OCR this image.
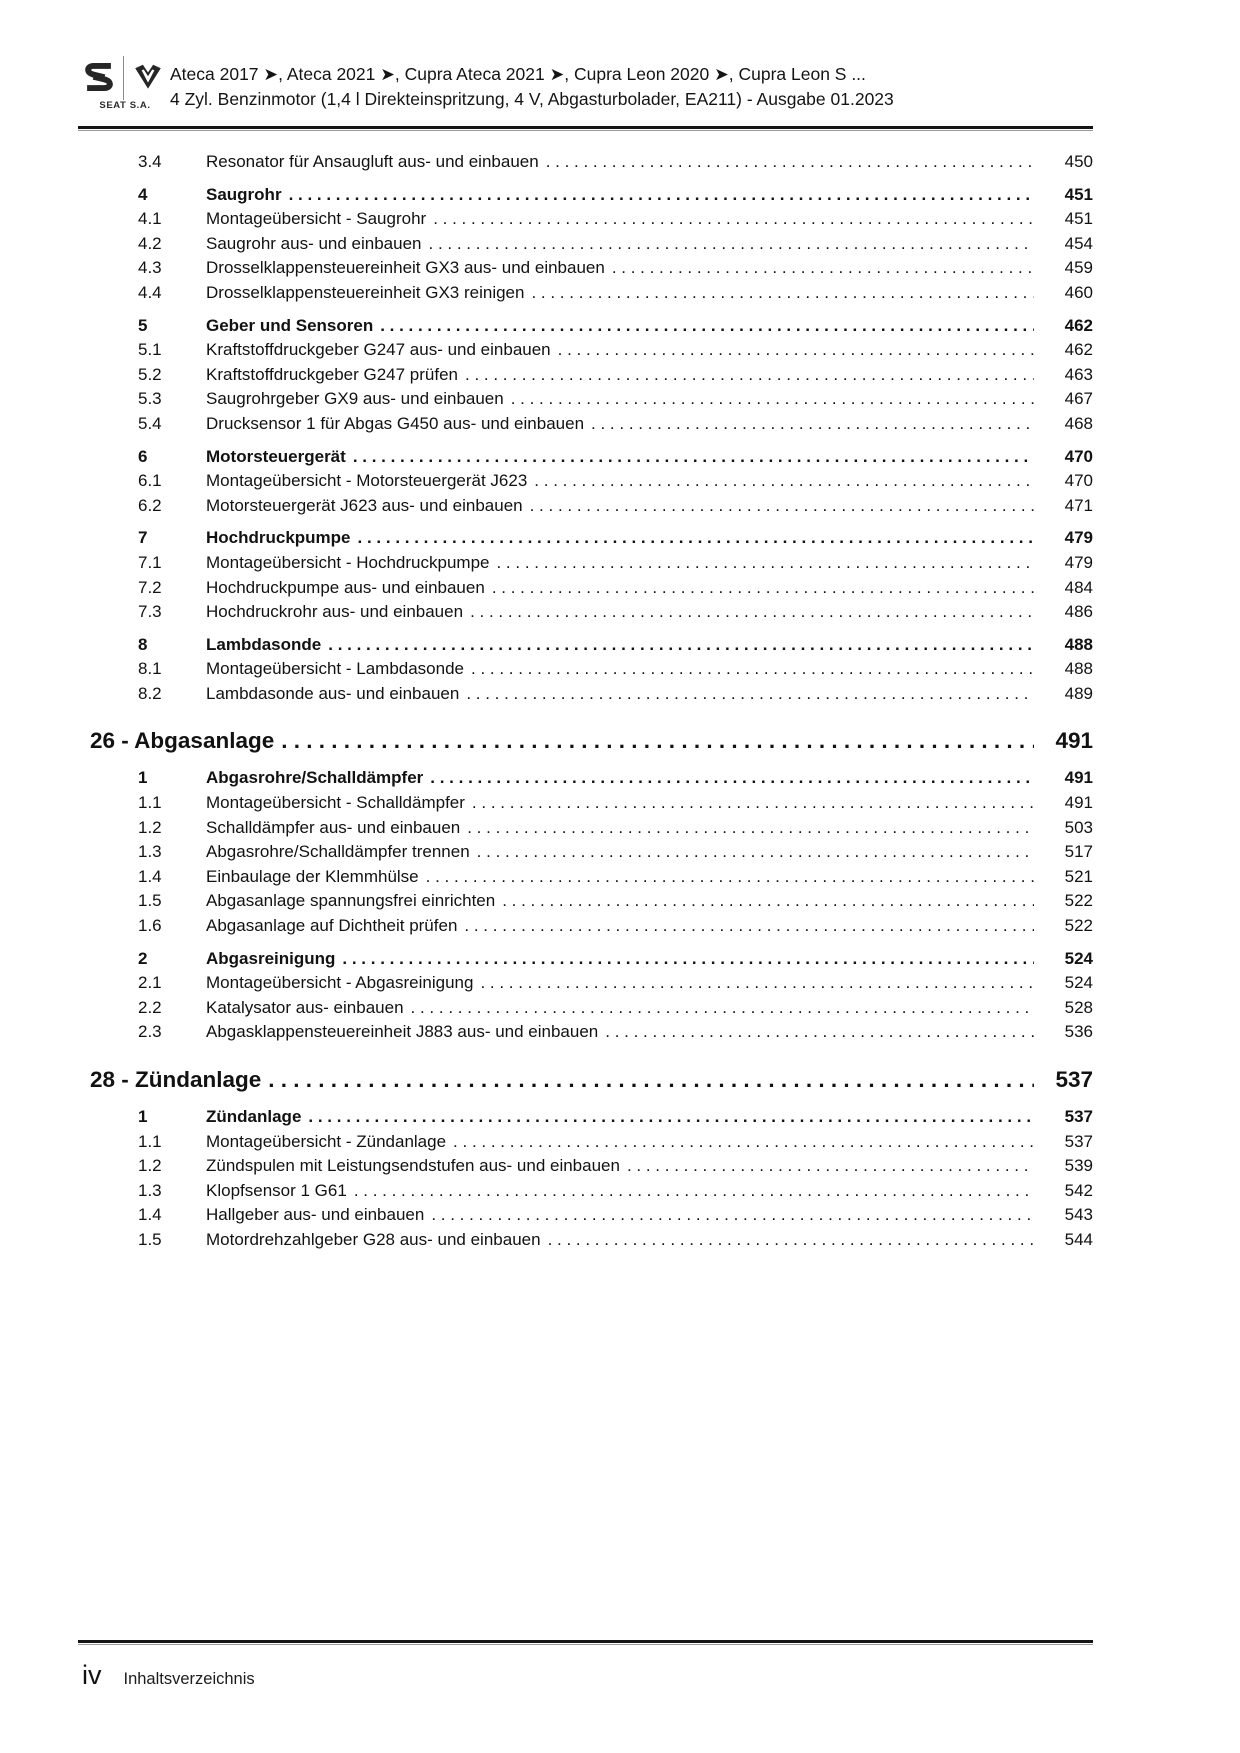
SEAT S.A.
Ateca 2017 ➤, Ateca 2021 ➤, Cupra Ateca 2021 ➤, Cupra Leon 2020 ➤, Cupra Leon S ...
4 Zyl. Benzinmotor (1,4 l Direkteinspritzung, 4 V, Abgasturbolader, EA211) - Ausgabe 01.2023
3.4	Resonator für Ansaugluft aus- und einbauen . . .	450
4	Saugrohr . . .	451
4.1	Montageübersicht - Saugrohr . . .	451
4.2	Saugrohr aus- und einbauen . . .	454
4.3	Drosselklappensteuereinheit GX3 aus- und einbauen . . .	459
4.4	Drosselklappensteuereinheit GX3 reinigen . . .	460
5	Geber und Sensoren . . .	462
5.1	Kraftstoffdruckgeber G247 aus- und einbauen . . .	462
5.2	Kraftstoffdruckgeber G247 prüfen . . .	463
5.3	Saugrohrgeber GX9 aus- und einbauen . . .	467
5.4	Drucksensor 1 für Abgas G450 aus- und einbauen . . .	468
6	Motorsteuergerät . . .	470
6.1	Montageübersicht - Motorsteuergerät J623 . . .	470
6.2	Motorsteuergerät J623 aus- und einbauen . . .	471
7	Hochdruckpumpe . . .	479
7.1	Montageübersicht - Hochdruckpumpe . . .	479
7.2	Hochdruckpumpe aus- und einbauen . . .	484
7.3	Hochdruckrohr aus- und einbauen . . .	486
8	Lambdasonde . . .	488
8.1	Montageübersicht - Lambdasonde . . .	488
8.2	Lambdasonde aus- und einbauen . . .	489
26 - Abgasanlage . . .	491
1	Abgasrohre/Schalldämpfer . . .	491
1.1	Montageübersicht - Schalldämpfer . . .	491
1.2	Schalldämpfer aus- und einbauen . . .	503
1.3	Abgasrohre/Schalldämpfer trennen . . .	517
1.4	Einbaulage der Klemmhülse . . .	521
1.5	Abgasanlage spannungsfrei einrichten . . .	522
1.6	Abgasanlage auf Dichtheit prüfen . . .	522
2	Abgasreinigung . . .	524
2.1	Montageübersicht - Abgasreinigung . . .	524
2.2	Katalysator aus- einbauen . . .	528
2.3	Abgasklappensteuereinheit J883 aus- und einbauen . . .	536
28 - Zündanlage . . .	537
1	Zündanlage . . .	537
1.1	Montageübersicht - Zündanlage . . .	537
1.2	Zündspulen mit Leistungsendstufen aus- und einbauen . . .	539
1.3	Klopfsensor 1 G61 . . .	542
1.4	Hallgeber aus- und einbauen . . .	543
1.5	Motordrehzahlgeber G28 aus- und einbauen . . .	544
iv Inhaltsverzeichnis
